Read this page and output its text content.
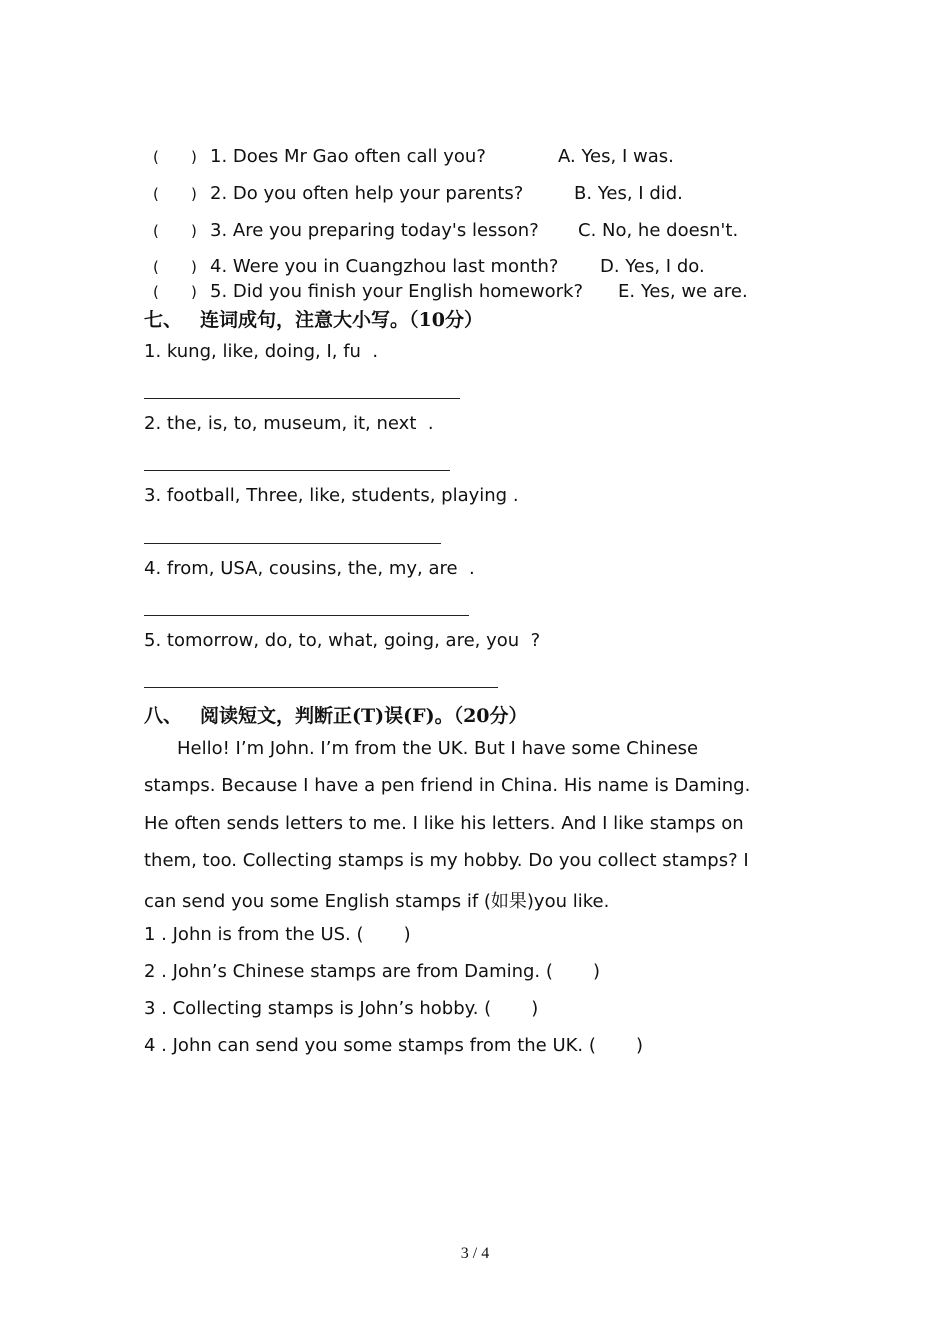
( ) 1. Does Mr Gao often call you?	A. Yes, I was.
( ) 2. Do you often help your parents?	B. Yes, I did.
( ) 3. Are you preparing today's lesson? C. No, he doesn't.
( ) 4. Were you in Cuangzhou last month? D. Yes, I do.
( ) 5. Did you finish your English homework? E. Yes, we are.
七、 连词成句，注意大小写。（10分）
1. kung, like, doing, I, fu  .
2. the, is, to, museum, it, next  .
3. football, Three, like, students, playing .
4. from, USA, cousins, the, my, are  .
5. tomorrow, do, to, what, going, are, you  ?
八、 阅读短文，判断正(T)误(F)。（20分）
Hello! I’m John. I’m from the UK. But I have some Chinese
stamps. Because I have a pen friend in China. His name is Daming.
He often sends letters to me. I like his letters. And I like stamps on
them, too. Collecting stamps is my hobby. Do you collect stamps? I
can send you some English stamps if (如果)you like.
1 . John is from the US. (       )
2 . John’s Chinese stamps are from Daming. (       )
3 . Collecting stamps is John’s hobby. (       )
4 . John can send you some stamps from the UK. (       )
3 / 4
